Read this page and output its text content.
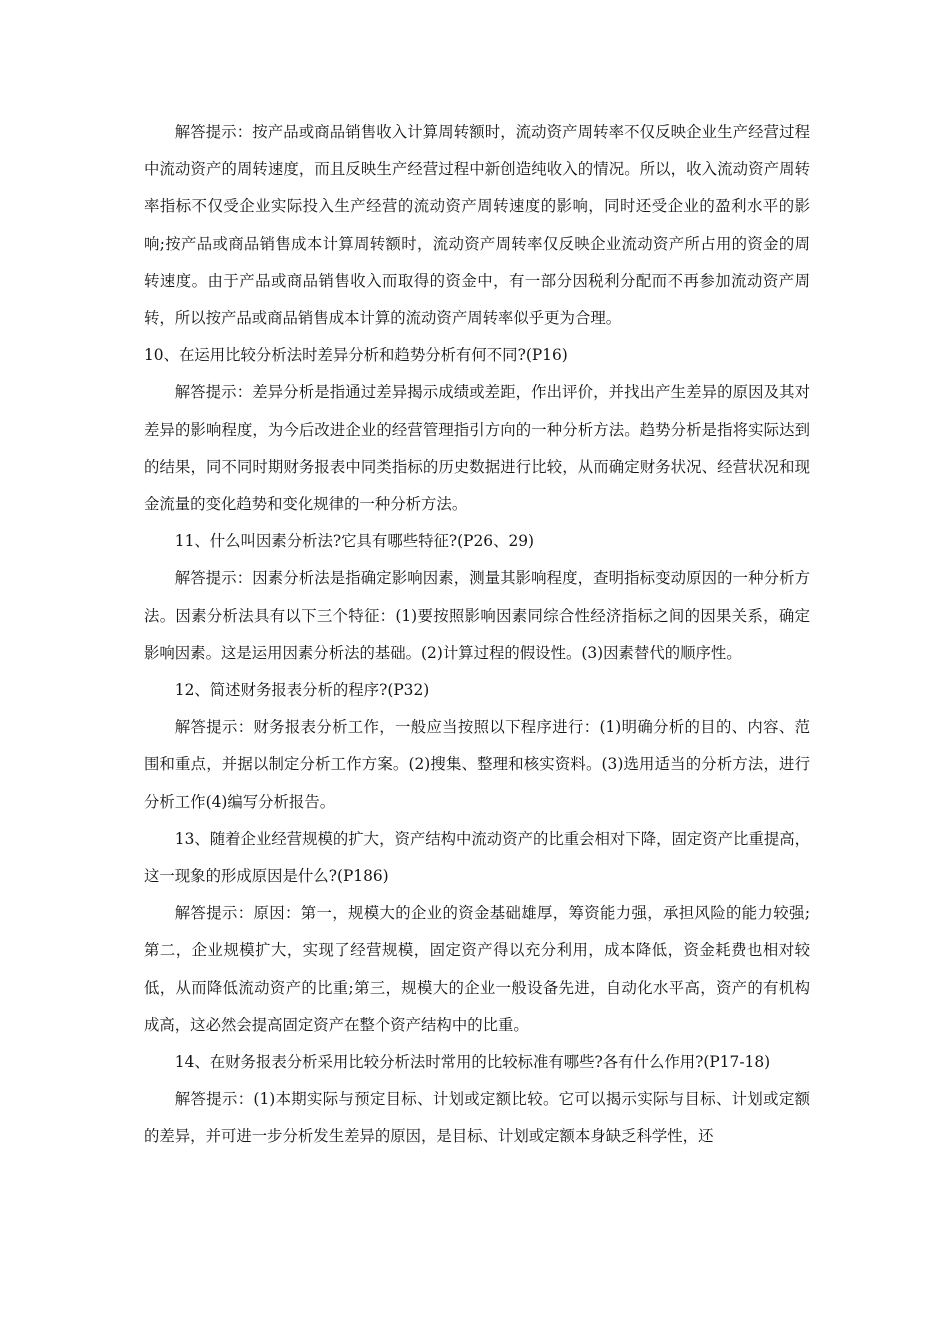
解答提示：按产品或商品销售收入计算周转额时，流动资产周转率不仅反映企业生产经营过程中流动资产的周转速度，而且反映生产经营过程中新创造纯收入的情况。所以，收入流动资产周转率指标不仅受企业实际投入生产经营的流动资产周转速度的影响，同时还受企业的盈利水平的影响;按产品或商品销售成本计算周转额时，流动资产周转率仅反映企业流动资产所占用的资金的周转速度。由于产品或商品销售收入而取得的资金中，有一部分因税利分配而不再参加流动资产周转，所以按产品或商品销售成本计算的流动资产周转率似乎更为合理。

10、在运用比较分析法时差异分析和趋势分析有何不同?(P16)

解答提示：差异分析是指通过差异揭示成绩或差距，作出评价，并找出产生差异的原因及其对差异的影响程度，为今后改进企业的经营管理指引方向的一种分析方法。趋势分析是指将实际达到的结果，同不同时期财务报表中同类指标的历史数据进行比较，从而确定财务状况、经营状况和现金流量的变化趋势和变化规律的一种分析方法。

11、什么叫因素分析法?它具有哪些特征?(P26、29)

解答提示：因素分析法是指确定影响因素，测量其影响程度，查明指标变动原因的一种分析方法。因素分析法具有以下三个特征：(1)要按照影响因素同综合性经济指标之间的因果关系，确定影响因素。这是运用因素分析法的基础。(2)计算过程的假设性。(3)因素替代的顺序性。

12、简述财务报表分析的程序?(P32)

解答提示：财务报表分析工作，一般应当按照以下程序进行：(1)明确分析的目的、内容、范围和重点，并据以制定分析工作方案。(2)搜集、整理和核实资料。(3)选用适当的分析方法，进行分析工作(4)编写分析报告。

13、随着企业经营规模的扩大，资产结构中流动资产的比重会相对下降，固定资产比重提高，这一现象的形成原因是什么?(P186)

解答提示：原因：第一，规模大的企业的资金基础雄厚，筹资能力强，承担风险的能力较强;第二，企业规模扩大，实现了经营规模，固定资产得以充分利用，成本降低，资金耗费也相对较低，从而降低流动资产的比重;第三，规模大的企业一般设备先进，自动化水平高，资产的有机构成高，这必然会提高固定资产在整个资产结构中的比重。

14、在财务报表分析采用比较分析法时常用的比较标准有哪些?各有什么作用?(P17-18)

解答提示：(1)本期实际与预定目标、计划或定额比较。它可以揭示实际与目标、计划或定额的差异，并可进一步分析发生差异的原因，是目标、计划或定额本身缺乏科学性，还
